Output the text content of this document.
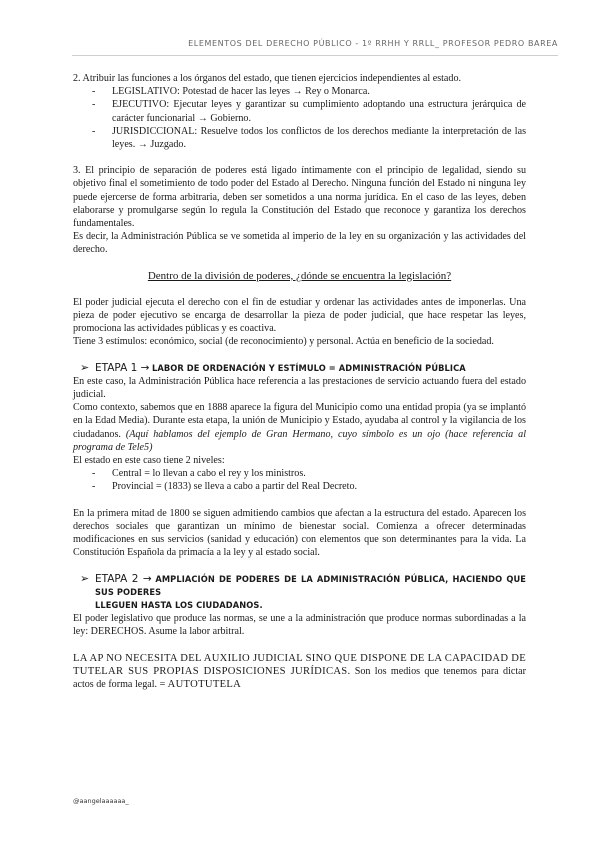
ELEMENTOS DEL DERECHO PÚBLICO - 1º RRHH Y RRLL_ PROFESOR PEDRO BAREA

2. Atribuir las funciones a los órganos del estado, que tienen ejercicios independientes al estado.

- LEGISLATIVO: Potestad de hacer las leyes → Rey o Monarca.
- EJECUTIVO: Ejecutar leyes y garantizar su cumplimiento adoptando una estructura jerárquica de carácter funcionarial → Gobierno.
- JURISDICCIONAL: Resuelve todos los conflictos de los derechos mediante la interpretación de las leyes. → Juzgado.

3. El principio de separación de poderes está ligado íntimamente con el principio de legalidad, siendo su objetivo final el sometimiento de todo poder del Estado al Derecho. Ninguna función del Estado ni ninguna ley puede ejercerse de forma arbitraria, deben ser sometidos a una norma jurídica. En el caso de las leyes, deben elaborarse y promulgarse según lo regula la Constitución del Estado que reconoce y garantiza los derechos fundamentales.

Es decir, la Administración Pública se ve sometida al imperio de la ley en su organización y las actividades del derecho.

Dentro de la división de poderes, ¿dónde se encuentra la legislación?

El poder judicial ejecuta el derecho con el fin de estudiar y ordenar las actividades antes de imponerlas. Una pieza de poder ejecutivo se encarga de desarrollar la pieza de poder judicial, que hace respetar las leyes, promociona las actividades públicas y es coactiva.

Tiene 3 estímulos: económico, social (de reconocimiento) y personal. Actúa en beneficio de la sociedad.

➢ ETAPA 1 → LABOR DE ORDENACIÓN Y ESTÍMULO = ADMINISTRACIÓN PÚBLICA

En este caso, la Administración Pública hace referencia a las prestaciones de servicio actuando fuera del estado judicial.

Como contexto, sabemos que en 1888 aparece la figura del Municipio como una entidad propia (ya se implantó en la Edad Media). Durante esta etapa, la unión de Municipio y Estado, ayudaba al control y la vigilancia de los ciudadanos. (Aquí hablamos del ejemplo de Gran Hermano, cuyo símbolo es un ojo (hace referencia al programa de Tele5)

El estado en este caso tiene 2 niveles:

- Central = lo llevan a cabo el rey y los ministros.
- Provincial = (1833) se lleva a cabo a partir del Real Decreto.

En la primera mitad de 1800 se siguen admitiendo cambios que afectan a la estructura del estado. Aparecen los derechos sociales que garantizan un mínimo de bienestar social. Comienza a ofrecer determinadas modificaciones en sus servicios (sanidad y educación) con elementos que son determinantes para la vida. La Constitución Española da primacía a la ley y al estado social.

➢ ETAPA 2 → AMPLIACIÓN DE PODERES DE LA ADMINISTRACIÓN PÚBLICA, HACIENDO QUE SUS PODERES
LLEGUEN HASTA LOS CIUDADANOS.

El poder legislativo que produce las normas, se une a la administración que produce normas subordinadas a la ley: DERECHOS. Asume la labor arbitral.

LA AP NO NECESITA DEL AUXILIO JUDICIAL SINO QUE DISPONE DE LA CAPACIDAD DE TUTELAR SUS PROPIAS DISPOSICIONES JURÍDICAS. Son los medios que tenemos para dictar actos de forma legal. = AUTOTUTELA

@aangelaaaaaa_
